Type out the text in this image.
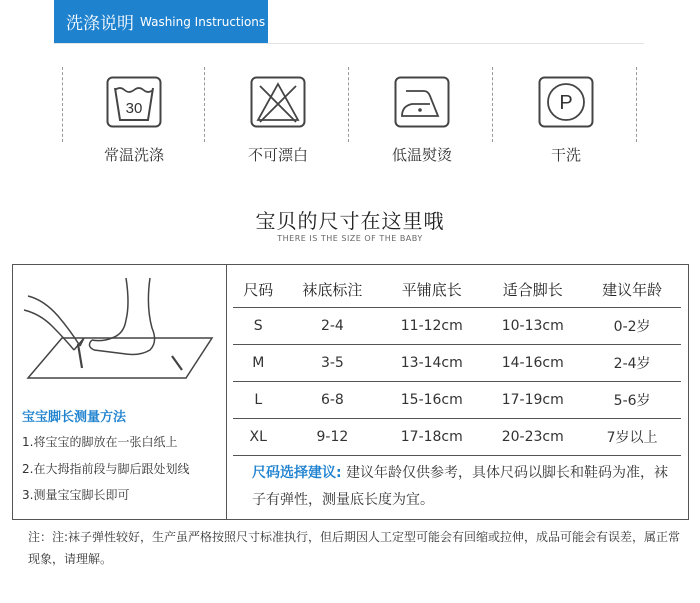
洗涤说明 Washing Instructions
30	P
常温洗涤	不可漂白	低温熨烫	干洗
宝贝的尺寸在这里哦
THERE IS THE SIZE OF THE BABY
宝宝脚长测量方法
1.将宝宝的脚放在一张白纸上
2.在大拇指前段与脚后跟处划线
3.测量宝宝脚长即可
尺码	袜底标注	平铺底长	适合脚长	建议年龄
S	2-4	11-12cm	10-13cm	0-2岁
M	3-5	13-14cm	14-16cm	2-4岁
L	6-8	15-16cm	17-19cm	5-6岁
XL	9-12	17-18cm	20-23cm	7岁以上
尺码选择建议: 建议年龄仅供参考，具体尺码以脚长和鞋码为准，袜子有弹性，测量底长度为宜。
注：注:袜子弹性较好，生产虽严格按照尺寸标准执行，但后期因人工定型可能会有回缩或拉伸，成品可能会有误差，属正常现象，请理解。
